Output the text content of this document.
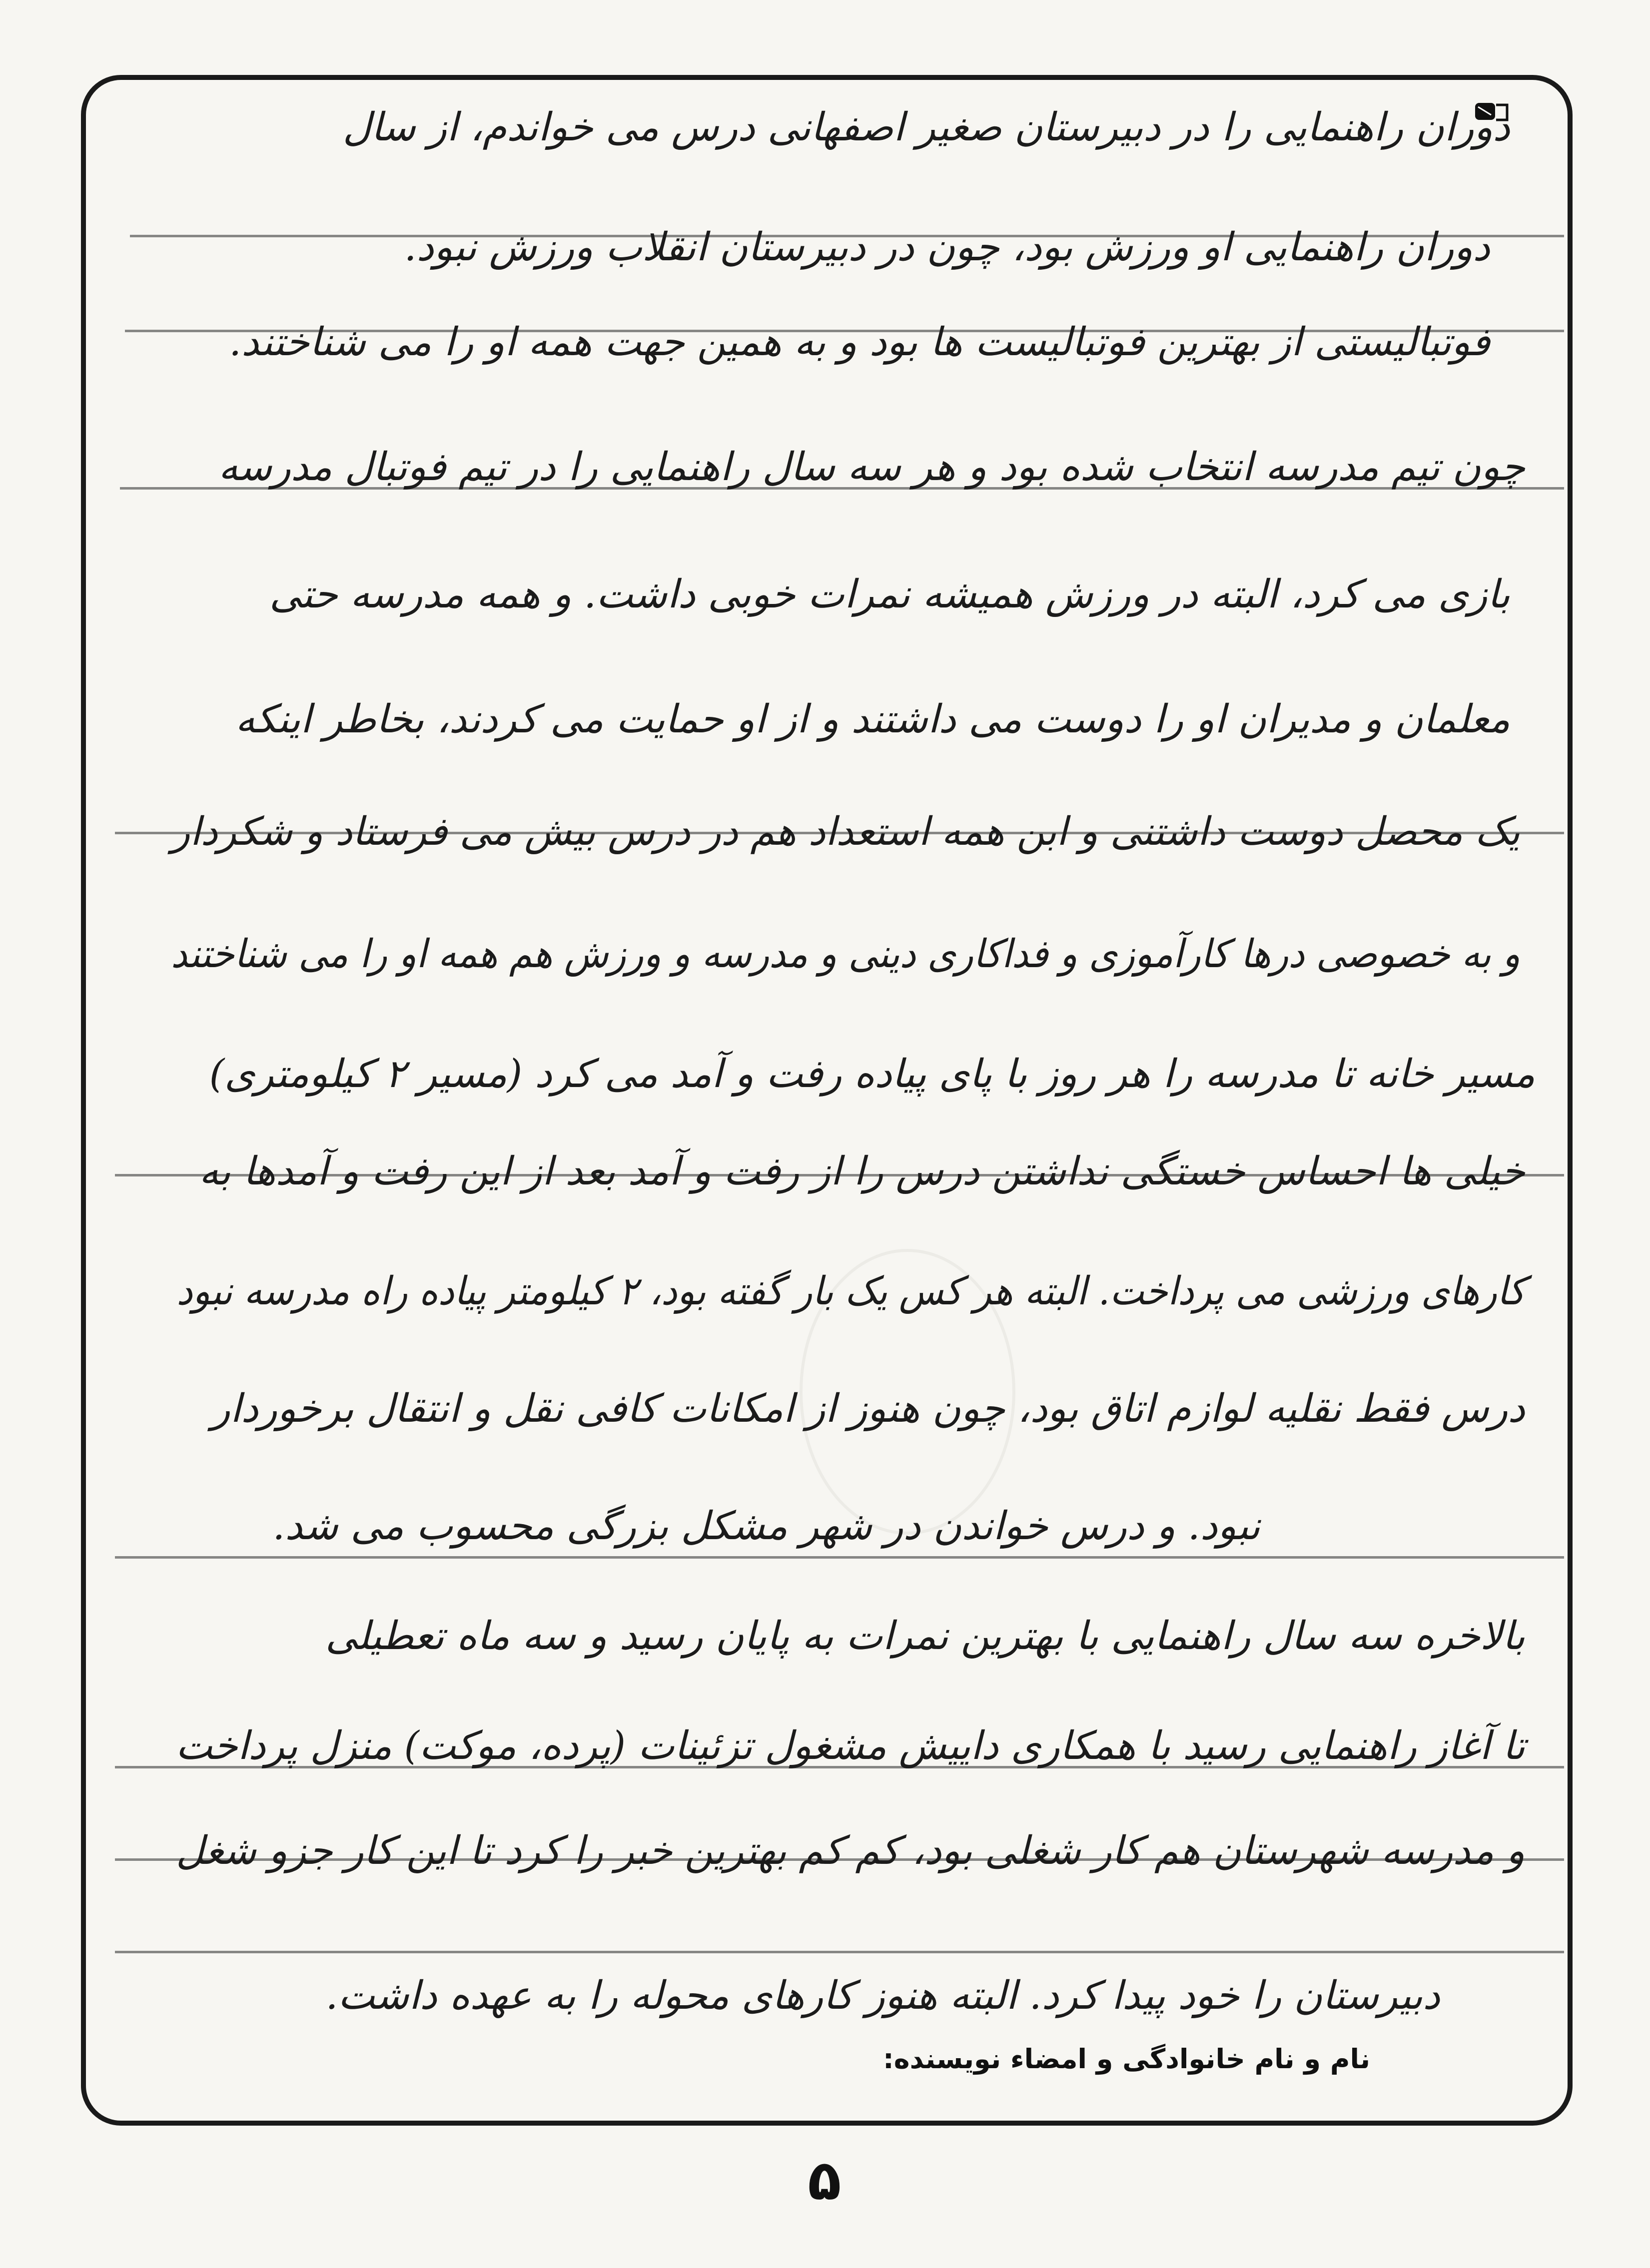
دوران راهنمایی را در دبیرستان صغیر اصفهانی درس می خواندم، از سال
دوران راهنمایی او ورزش بود، چون در دبیرستان انقلاب ورزش نبود.
فوتبالیستی از بهترین فوتبالیست ها بود و به همین جهت همه او را می شناختند.
چون تیم مدرسه انتخاب شده بود و هر سه سال راهنمایی را در تیم فوتبال مدرسه
بازی می کرد، البته در ورزش همیشه نمرات خوبی داشت. و همه مدرسه حتی
معلمان و مدیران او را دوست می داشتند و از او حمایت می کردند، بخاطر اینکه
یک محصل دوست داشتنی و ابن همه استعداد هم در درس بیش می فرستاد و شکردار
و به خصوصی درها کارآموزی و فداکاری دینی و مدرسه و ورزش هم همه او را می شناختند
مسیر خانه تا مدرسه را هر روز با پای پیاده رفت و آمد می کرد (مسیر ۲ کیلومتری)
خیلی ها احساس خستگی نداشتن درس را از رفت و آمد بعد از این رفت و آمدها به
کارهای ورزشی می پرداخت. البته هر کس یک بار گفته بود، ۲ کیلومتر پیاده راه مدرسه نبود
درس فقط نقلیه لوازم اتاق بود، چون هنوز از امکانات کافی نقل و انتقال برخوردار
نبود. و درس خواندن در شهر مشکل بزرگی محسوب می شد.
بالاخره سه سال راهنمایی با بهترین نمرات به پایان رسید و سه ماه تعطیلی
تا آغاز راهنمایی رسید با همکاری داییش مشغول تزئینات (پرده، موکت) منزل پرداخت
و مدرسه شهرستان هم کار شغلی بود، کم کم بهترین خبر را کرد تا این کار جزو شغل
دبیرستان را خود پیدا کرد. البته هنوز کارهای محوله را به عهده داشت.
نام و نام خانوادگی و امضاء نویسنده:
۵
